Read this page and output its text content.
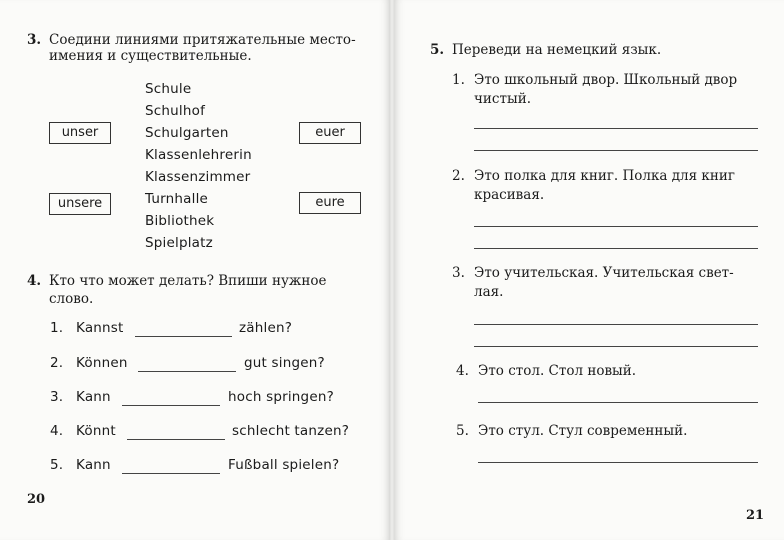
3. Соедини линиями притяжательные место-
имения и существительные.
unser
unsere
euer
eure
Schule
Schulhof
Schulgarten
Klassenlehrerin
Klassenzimmer
Turnhalle
Bibliothek
Spielplatz
4. Кто что может делать? Впиши нужное
слово.
1. Kannst	zählen?
2. Können	gut singen?
3. Kann	hoch springen?
4. Könnt	schlecht tanzen?
5. Kann	Fußball spielen?
20
5. Переведи на немецкий язык.
1. Это школьный двор. Школьный двор
чистый.
2. Это полка для книг. Полка для книг
красивая.
3. Это учительская. Учительская свет-
лая.
4. Это стол. Стол новый.
5. Это стул. Стул современный.
21
